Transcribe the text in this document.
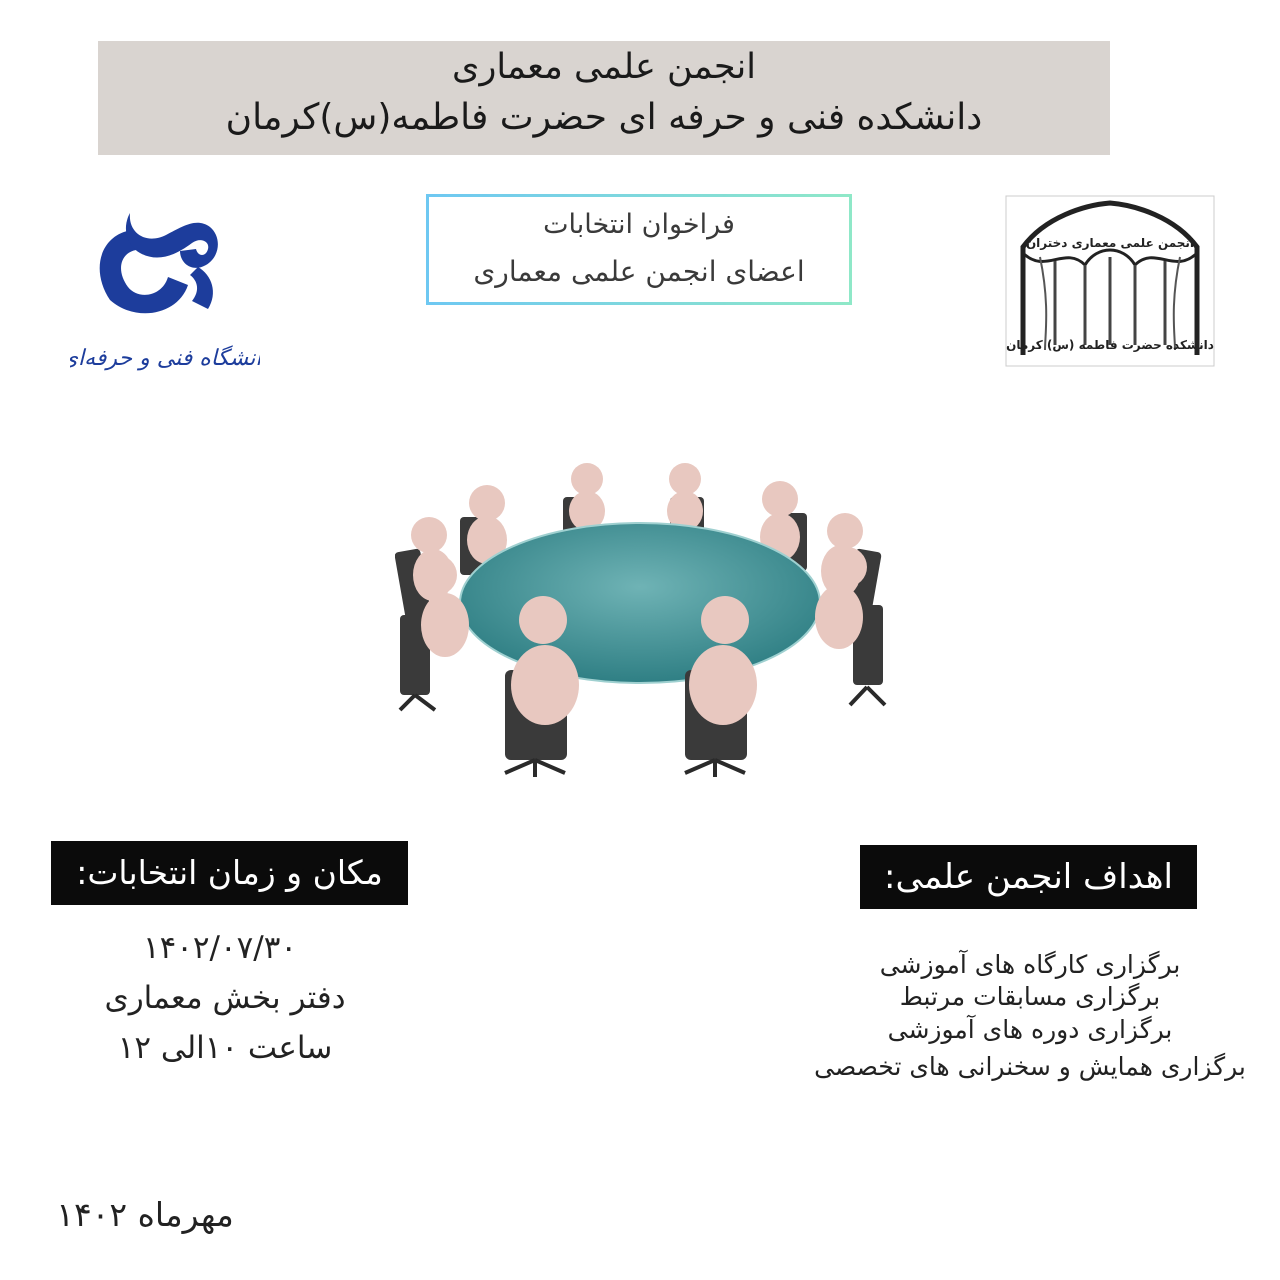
انجمن علمی معماری
دانشکده فنی و حرفه ای حضرت فاطمه(س)کرمان
دانشگاه فنی و حرفه‌ای
فراخوان انتخابات
اعضای انجمن علمی معماری
انجمن علمی معماری دختران
دانشکده حضرت فاطمه (س) کرمان
مکان و زمان انتخابات:	اهداف انجمن علمی:
۱۴۰۲/۰۷/۳۰
دفتر بخش معماری
ساعت ۱۰الی ۱۲
برگزاری کارگاه های آموزشی
برگزاری مسابقات مرتبط
برگزاری دوره های آموزشی
برگزاری همایش و سخنرانی های تخصصی
مهرماه ۱۴۰۲
